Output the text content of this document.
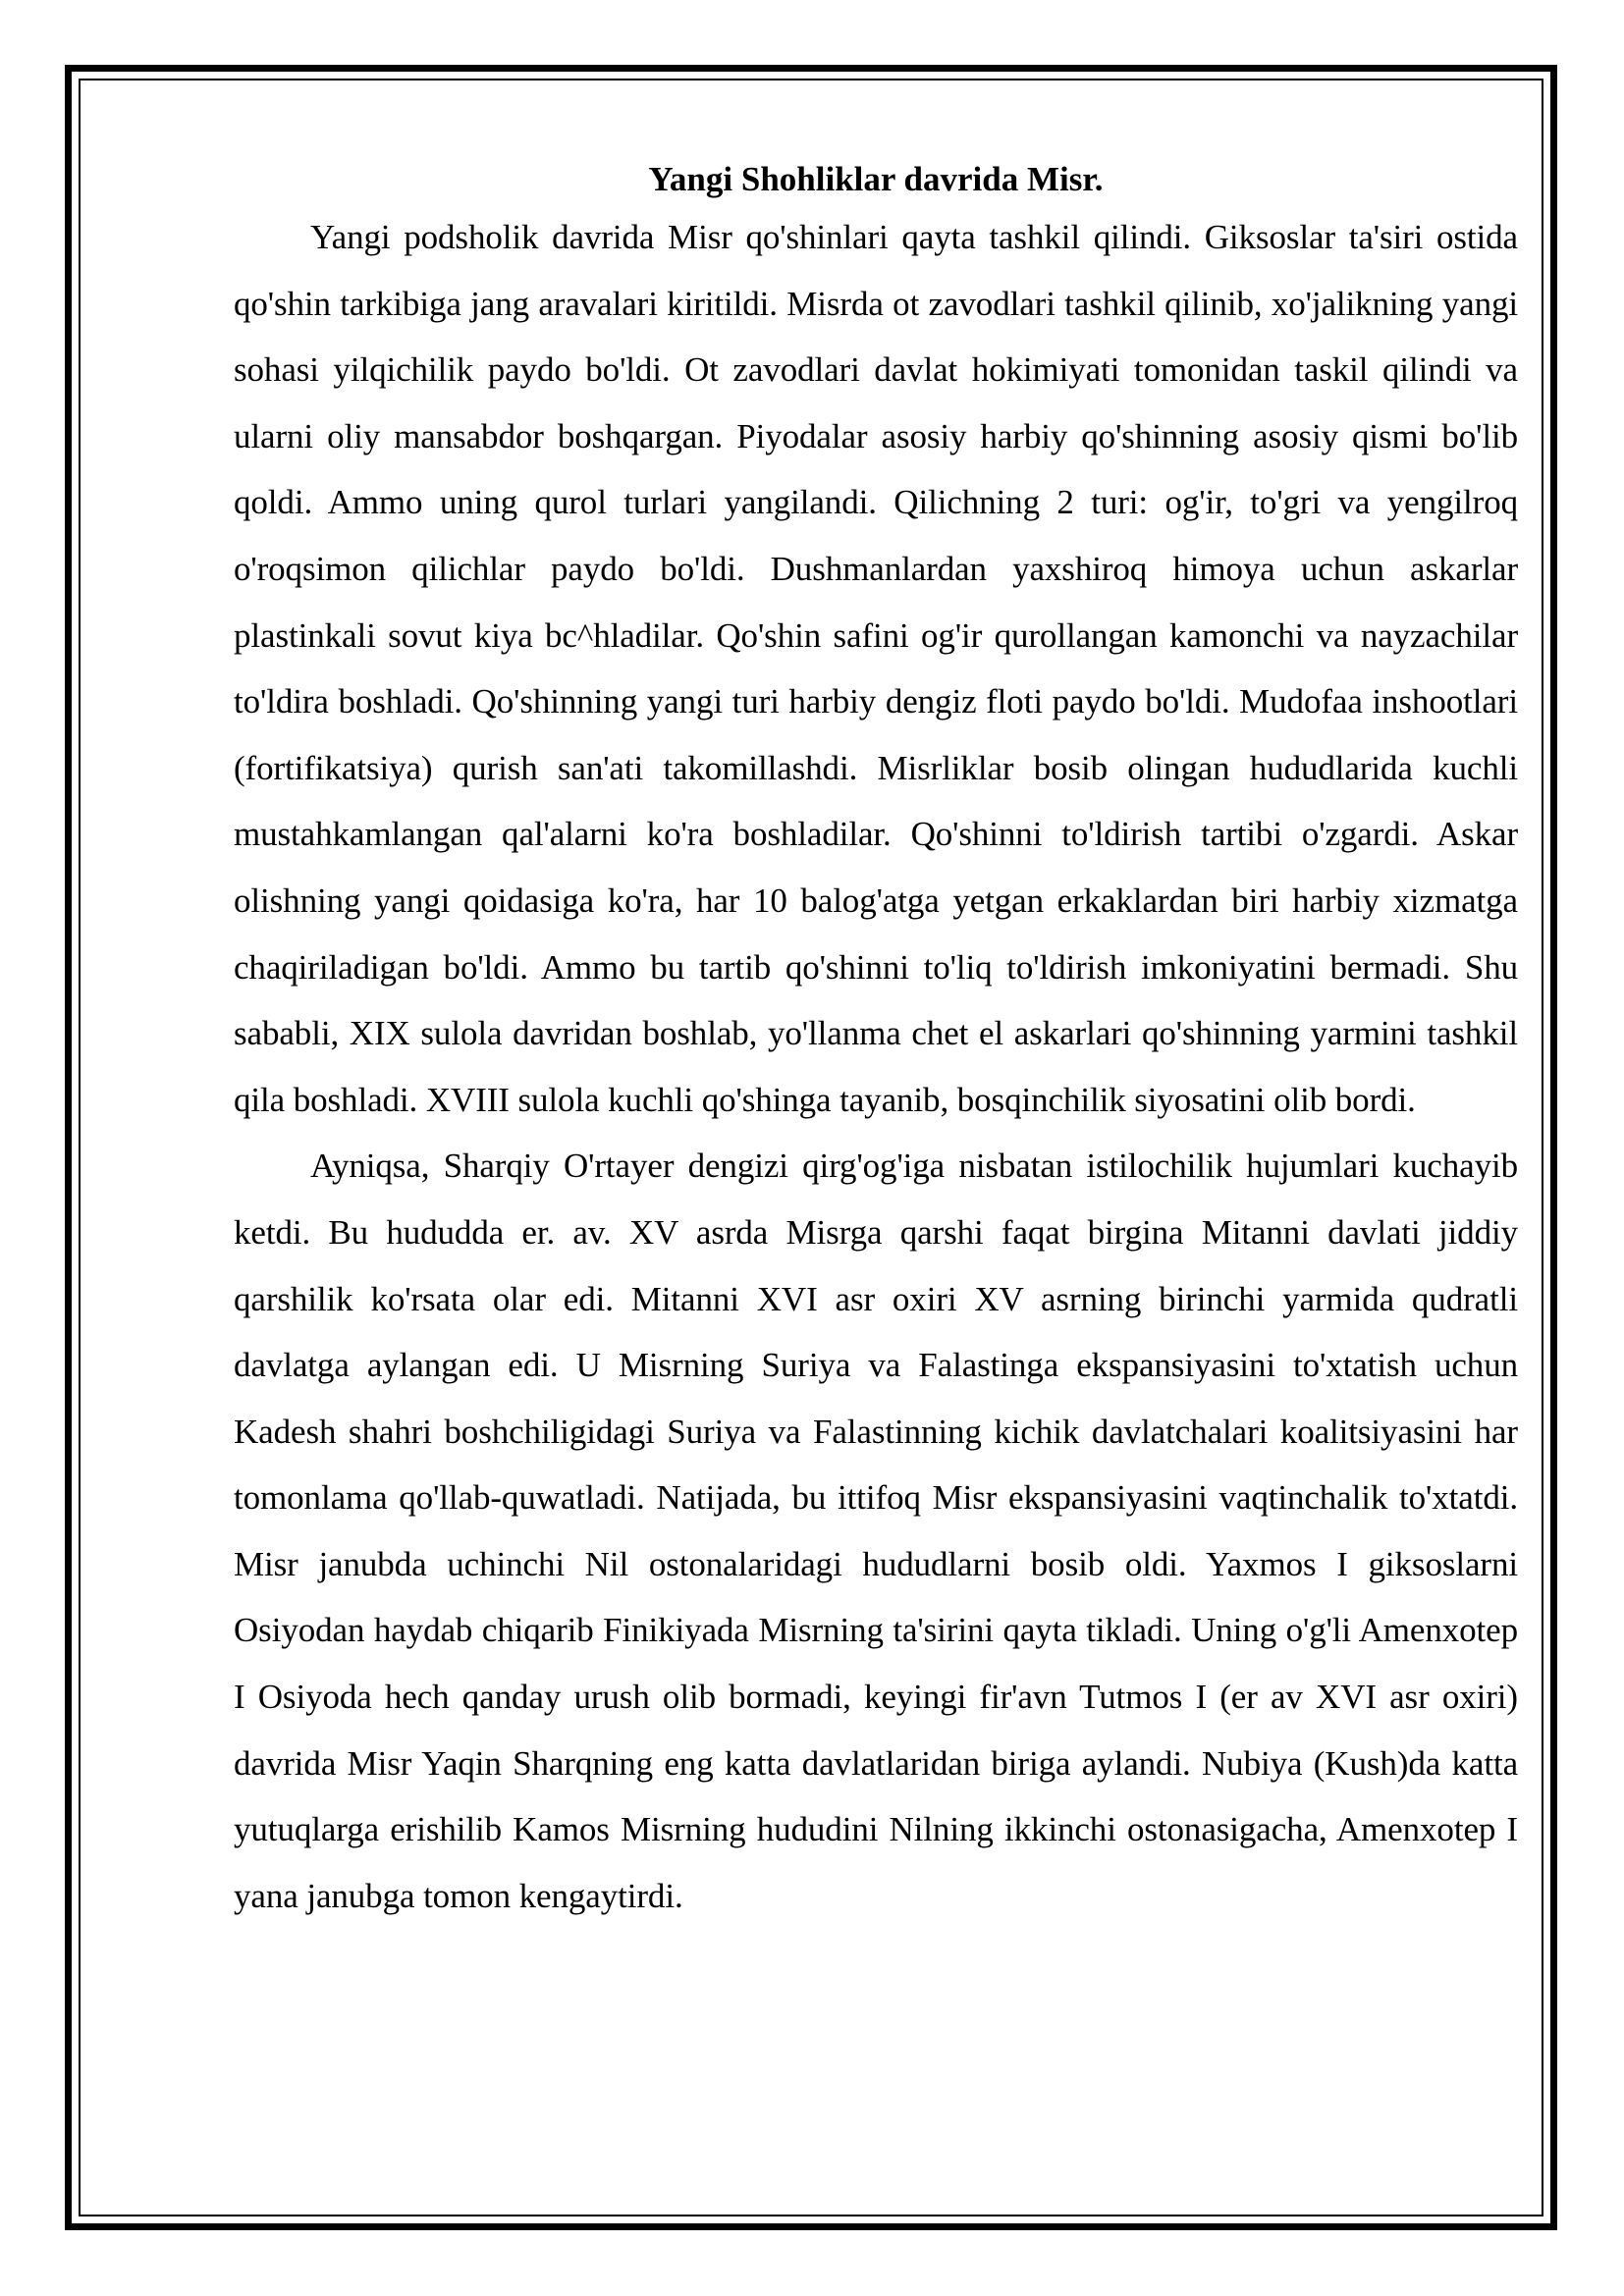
Yangi Shohliklar davrida Misr.

Yangi podsholik davrida Misr qo'shinlari qayta tashkil qilindi. Giksoslar ta'siri ostida qo'shin tarkibiga jang aravalari kiritildi. Misrda ot zavodlari tashkil qilinib, xo'jalikning yangi sohasi yilqichilik paydo bo'ldi. Ot zavodlari davlat hokimiyati tomonidan taskil qilindi va ularni oliy mansabdor boshqargan. Piyodalar asosiy harbiy qo'shinning asosiy qismi bo'lib qoldi. Ammo uning qurol turlari yangilandi. Qilichning 2 turi: og'ir, to'gri va yengilroq o'roqsimon qilichlar paydo bo'ldi. Dushmanlardan yaxshiroq himoya uchun askarlar plastinkali sovut kiya bc^hladilar. Qo'shin safini og'ir qurollangan kamonchi va nayzachilar to'ldira boshladi. Qo'shinning yangi turi harbiy dengiz floti paydo bo'ldi. Mudofaa inshootlari (fortifikatsiya) qurish san'ati takomillashdi. Misrliklar bosib olingan hududlarida kuchli mustahkamlangan qal'alarni ko'ra boshladilar. Qo'shinni to'ldirish tartibi o'zgardi. Askar olishning yangi qoidasiga ko'ra, har 10 balog'atga yetgan erkaklardan biri harbiy xizmatga chaqiriladigan bo'ldi. Ammo bu tartib qo'shinni to'liq to'ldirish imkoniyatini bermadi. Shu sababli, XIX sulola davridan boshlab, yo'llanma chet el askarlari qo'shinning yarmini tashkil qila boshladi. XVIII sulola kuchli qo'shinga tayanib, bosqinchilik siyosatini olib bordi.

Ayniqsa, Sharqiy O'rtayer dengizi qirg'og'iga nisbatan istilochilik hujumlari kuchayib ketdi. Bu hududda er. av. XV asrda Misrga qarshi faqat birgina Mitanni davlati jiddiy qarshilik ko'rsata olar edi. Mitanni XVI asr oxiri XV asrning birinchi yarmida qudratli davlatga aylangan edi. U Misrning Suriya va Falastinga ekspansiyasini to'xtatish uchun Kadesh shahri boshchiligidagi Suriya va Falastinning kichik davlatchalari koalitsiyasini har tomonlama qo'llab-quwatladi. Natijada, bu ittifoq Misr ekspansiyasini vaqtinchalik to'xtatdi. Misr janubda uchinchi Nil ostonalaridagi hududlarni bosib oldi. Yaxmos I giksoslarni Osiyodan haydab chiqarib Finikiyada Misrning ta'sirini qayta tikladi. Uning o'g'li Amenxotep I Osiyoda hech qanday urush olib bormadi, keyingi fir'avn Tutmos I (er av XVI asr oxiri) davrida Misr Yaqin Sharqning eng katta davlatlaridan biriga aylandi. Nubiya (Kush)da katta yutuqlarga erishilib Kamos Misrning hududini Nilning ikkinchi ostonasigacha, Amenxotep I yana janubga tomon kengaytirdi.
